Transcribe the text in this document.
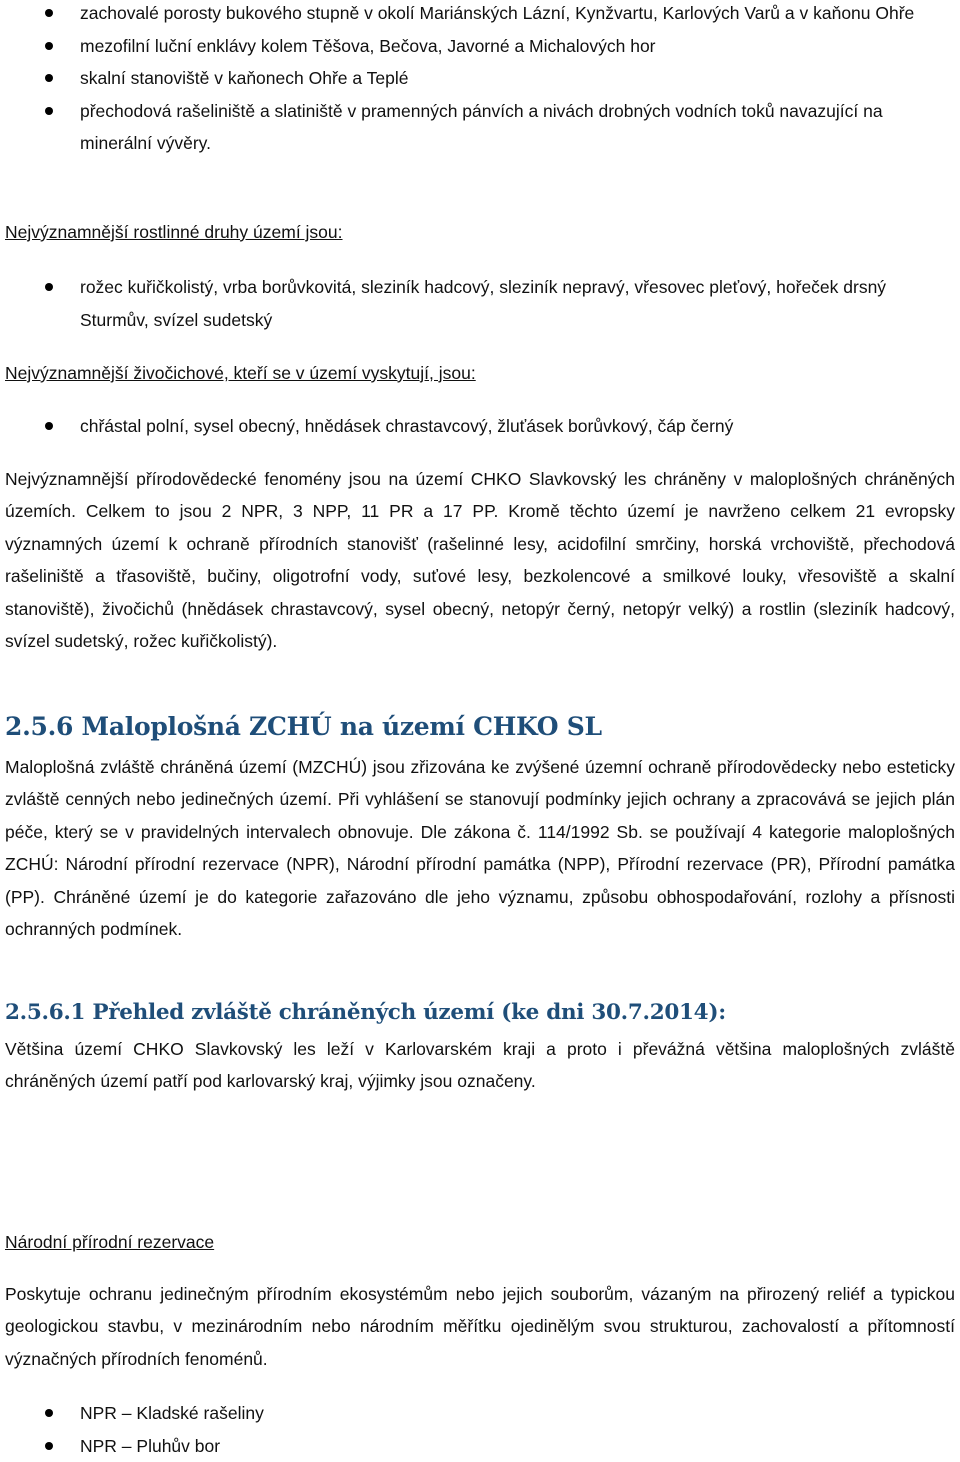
zachovalé porosty bukového stupně v okolí Mariánských Lázní, Kynžvartu, Karlových Varů a v kaňonu Ohře
mezofilní luční enklávy kolem Těšova, Bečova, Javorné a Michalových hor
skalní stanoviště v kaňonech Ohře a Teplé
přechodová rašeliniště a slatiniště v pramenných pánvích a nivách drobných vodních toků navazující na minerální vývěry.

Nejvýznamnější rostlinné druhy území jsou:

rožec kuřičkolistý, vrba borůvkovitá, sleziník hadcový, sleziník nepravý, vřesovec pleťový, hořeček drsný Sturmův, svízel sudetský

Nejvýznamnější živočichové, kteří se v území vyskytují, jsou:

chřástal polní, sysel obecný, hnědásek chrastavcový, žluťásek borůvkový, čáp černý

Nejvýznamnější přírodovědecké fenomény jsou na území CHKO Slavkovský les chráněny v maloplošných chráněných územích. Celkem to jsou 2 NPR, 3 NPP, 11 PR a 17 PP. Kromě těchto území je navrženo celkem 21 evropsky významných území k ochraně přírodních stanovišť (rašelinné lesy, acidofilní smrčiny, horská vrchoviště, přechodová rašeliniště a třasoviště, bučiny, oligotrofní vody, suťové lesy, bezkolencové a smilkové louky, vřesoviště a skalní stanoviště), živočichů (hnědásek chrastavcový, sysel obecný, netopýr černý, netopýr velký) a rostlin (sleziník hadcový, svízel sudetský, rožec kuřičkolistý).

2.5.6 Maloplošná ZCHÚ na území CHKO SL

Maloplošná zvláště chráněná území (MZCHÚ) jsou zřizována ke zvýšené územní ochraně přírodovědecky nebo esteticky zvláště cenných nebo jedinečných území. Při vyhlášení se stanovují podmínky jejich ochrany a zpracovává se jejich plán péče, který se v pravidelných intervalech obnovuje. Dle zákona č. 114/1992 Sb. se používají 4 kategorie maloplošných ZCHÚ: Národní přírodní rezervace (NPR), Národní přírodní památka (NPP), Přírodní rezervace (PR), Přírodní památka (PP). Chráněné území je do kategorie zařazováno dle jeho významu, způsobu obhospodařování, rozlohy a přísnosti ochranných podmínek.

2.5.6.1 Přehled zvláště chráněných území (ke dni 30.7.2014):

Většina území CHKO Slavkovský les leží v Karlovarském kraji a proto i převážná většina maloplošných zvláště chráněných území patří pod karlovarský kraj, výjimky jsou označeny.

Národní přírodní rezervace

Poskytuje ochranu jedinečným přírodním ekosystémům nebo jejich souborům, vázaným na přirozený reliéf a typickou geologickou stavbu, v mezinárodním nebo národním měřítku ojedinělým svou strukturou, zachovalostí a přítomností význačných přírodních fenoménů.

NPR – Kladské rašeliny
NPR – Pluhův bor
